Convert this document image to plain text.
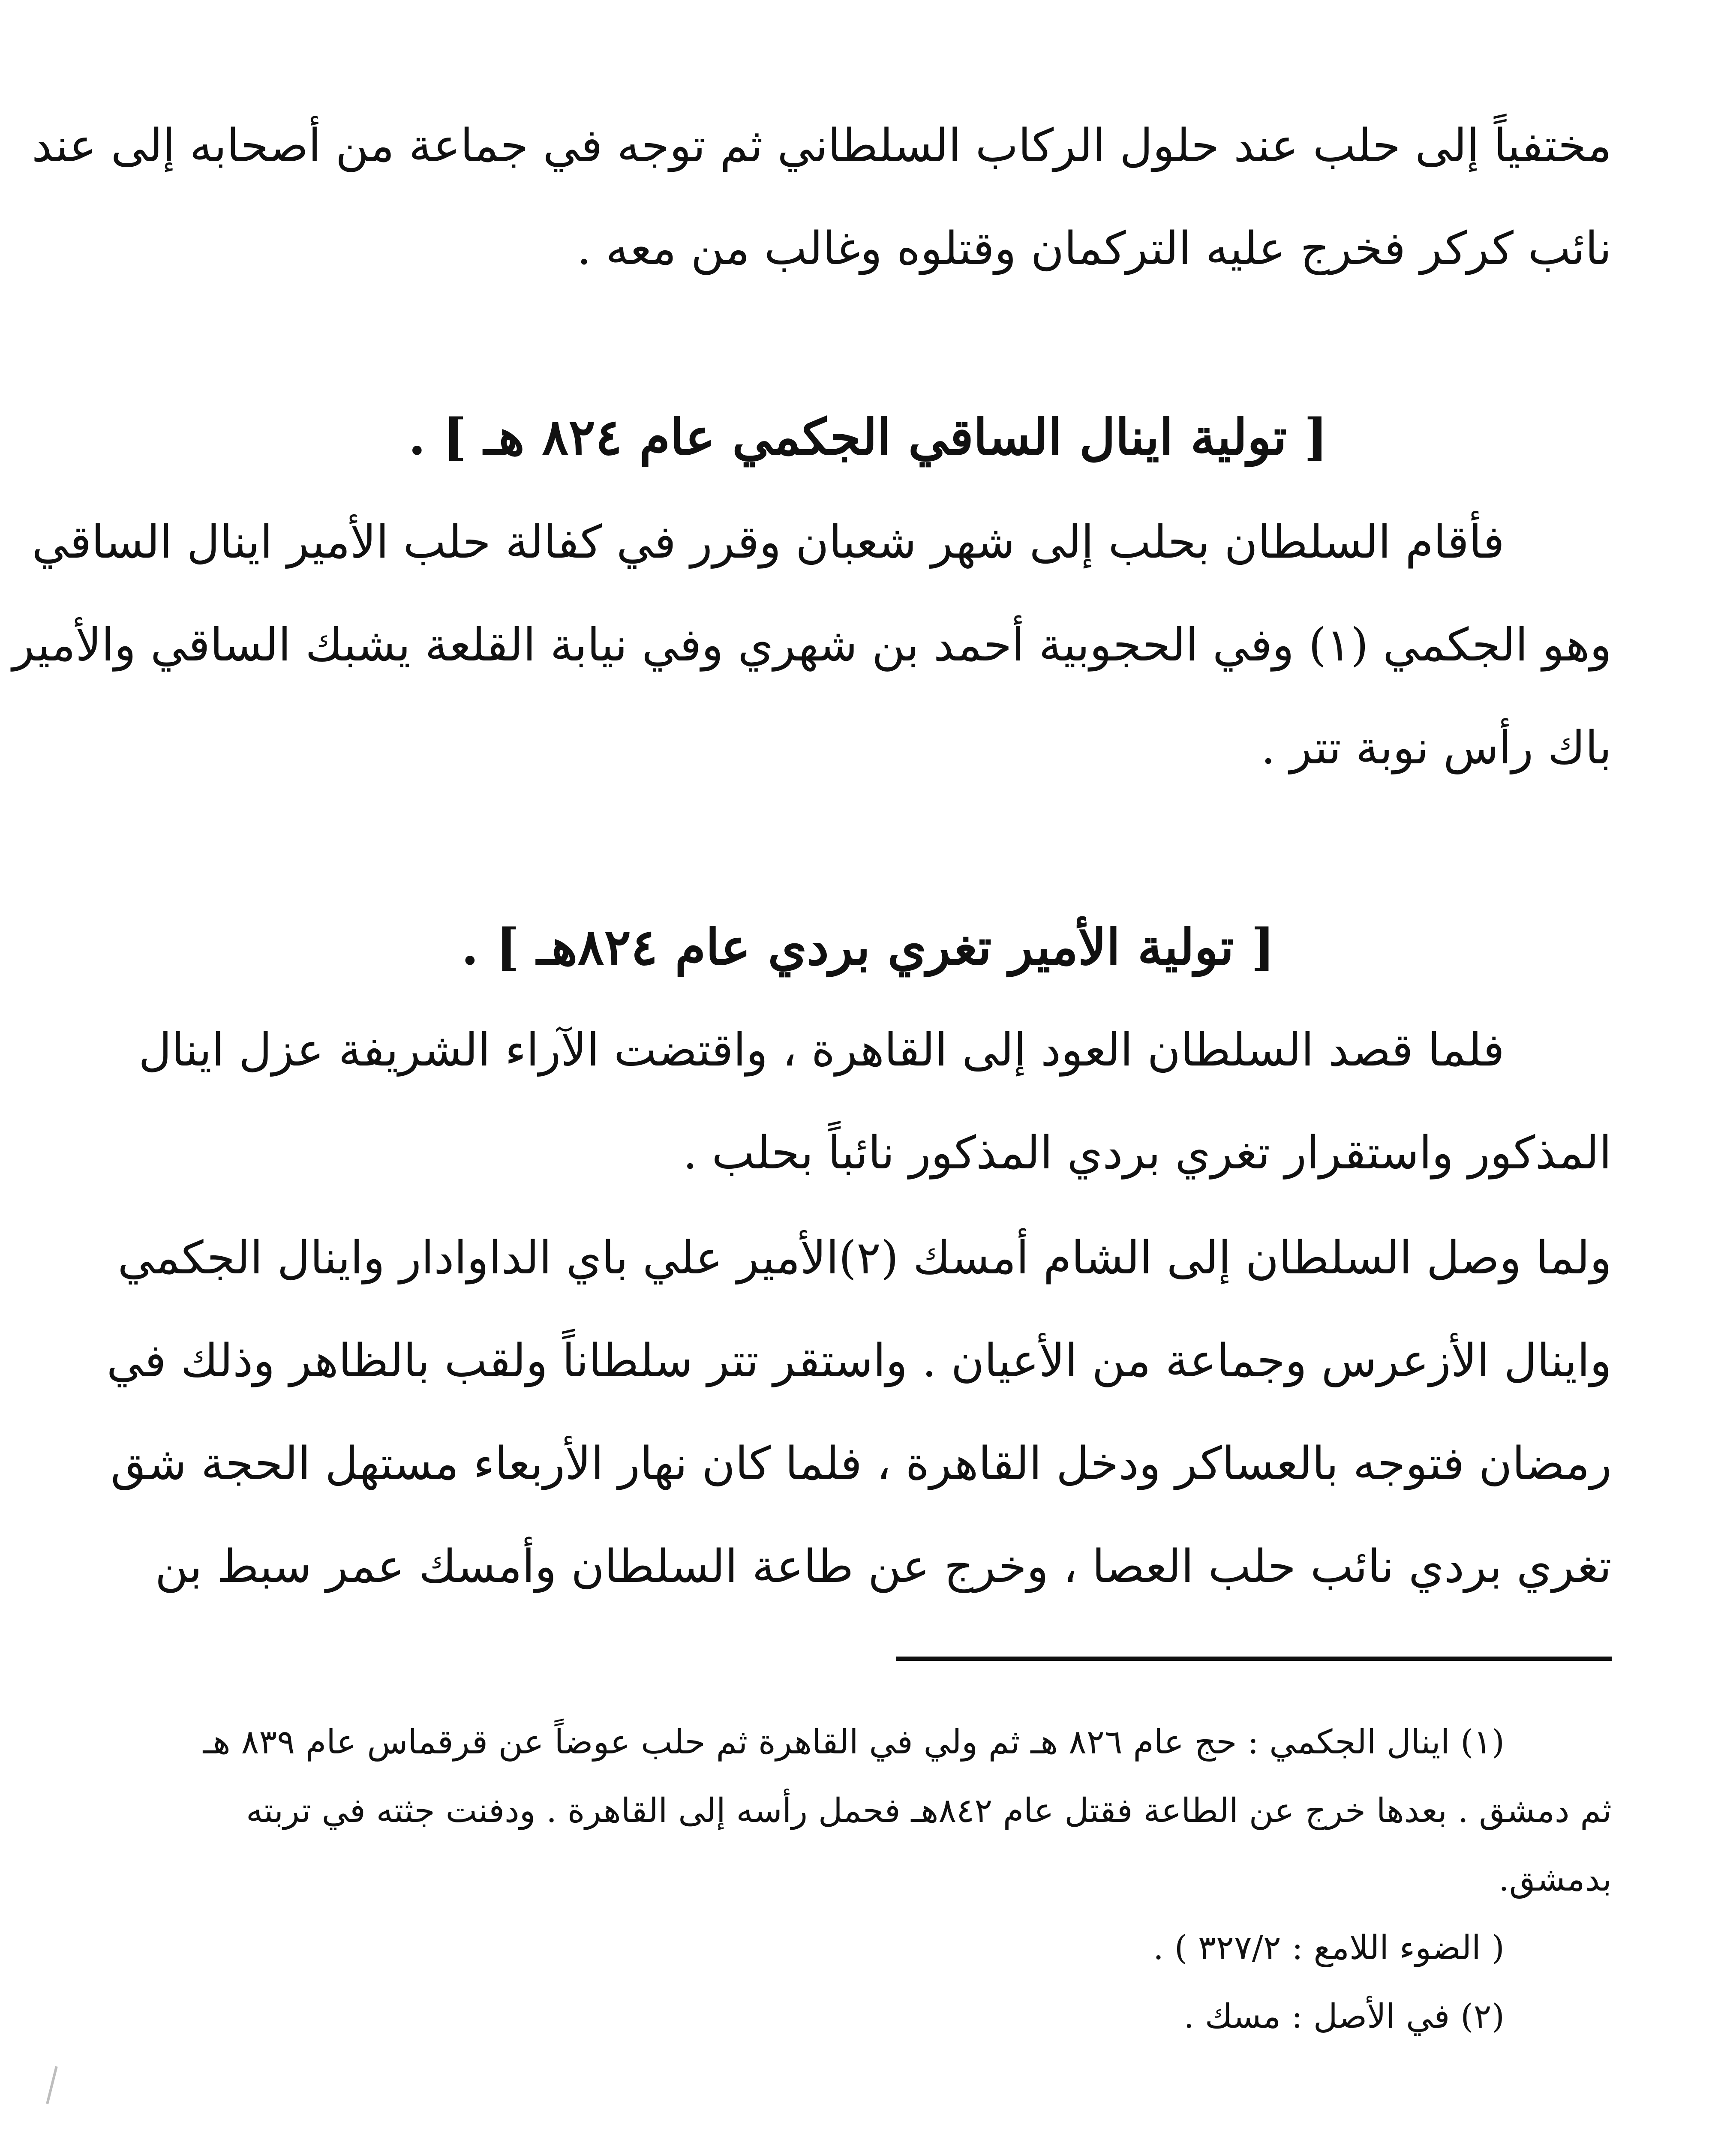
مختفياً إلى حلب عند حلول الركاب السلطاني ثم توجه في جماعة من أصحابه إلى عند
نائب كركر فخرج عليه التركمان وقتلوه وغالب من معه .
[ تولية اينال الساقي الجكمي عام ٨٢٤ هـ ] .
فأقام السلطان بحلب إلى شهر شعبان وقرر في كفالة حلب الأمير اينال الساقي
وهو الجكمي (١) وفي الحجوبية أحمد بن شهري وفي نيابة القلعة يشبك الساقي والأمير
باك رأس نوبة تتر .
[ تولية الأمير تغري بردي عام ٨٢٤هـ ] .
فلما قصد السلطان العود إلى القاهرة ، واقتضت الآراء الشريفة عزل اينال
المذكور واستقرار تغري بردي المذكور نائباً بحلب .
ولما وصل السلطان إلى الشام أمسك (٢)الأمير علي باي الداوادار واينال الجكمي
واينال الأزعرس وجماعة من الأعيان . واستقر تتر سلطاناً ولقب بالظاهر وذلك في
رمضان فتوجه بالعساكر ودخل القاهرة ، فلما كان نهار الأربعاء مستهل الحجة شق
تغري بردي نائب حلب العصا ، وخرج عن طاعة السلطان وأمسك عمر سبط بن
(١) اينال الجكمي : حج عام ٨٢٦ هـ ثم ولي في القاهرة ثم حلب عوضاً عن قرقماس عام ٨٣٩ هـ
ثم دمشق . بعدها خرج عن الطاعة فقتل عام ٨٤٢هـ فحمل رأسه إلى القاهرة . ودفنت جثته في تربته
بدمشق.
( الضوء اللامع : ٣٢٧/٢ ) .
(٢) في الأصل : مسك .
